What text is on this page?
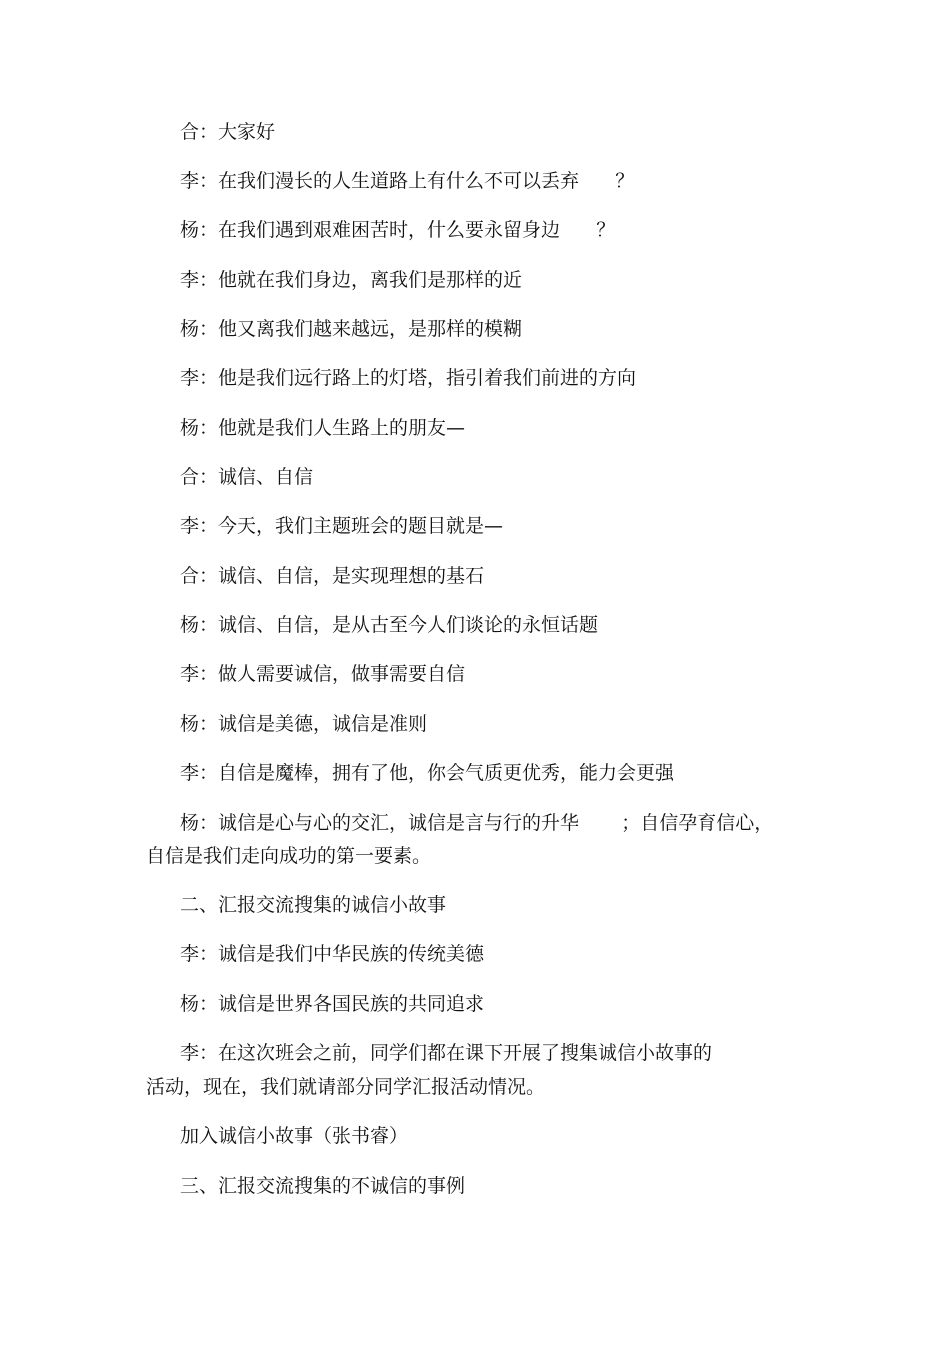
合：大家好
李：在我们漫长的人生道路上有什么不可以丢弃      ？
杨：在我们遇到艰难困苦时，什么要永留身边      ？
李：他就在我们身边，离我们是那样的近
杨：他又离我们越来越远，是那样的模糊
李：他是我们远行路上的灯塔，指引着我们前进的方向
杨：他就是我们人生路上的朋友—
合：诚信、自信
李：今天，我们主题班会的题目就是—
合：诚信、自信，是实现理想的基石
杨：诚信、自信，是从古至今人们谈论的永恒话题
李：做人需要诚信，做事需要自信
杨：诚信是美德，诚信是准则
李：自信是魔棒，拥有了他，你会气质更优秀，能力会更强
杨：诚信是心与心的交汇，诚信是言与行的升华       ；自信孕育信心，
自信是我们走向成功的第一要素。
二、汇报交流搜集的诚信小故事
李：诚信是我们中华民族的传统美德
杨：诚信是世界各国民族的共同追求
李：在这次班会之前，同学们都在课下开展了搜集诚信小故事的
活动，现在，我们就请部分同学汇报活动情况。
加入诚信小故事（张书睿）
三、汇报交流搜集的不诚信的事例
